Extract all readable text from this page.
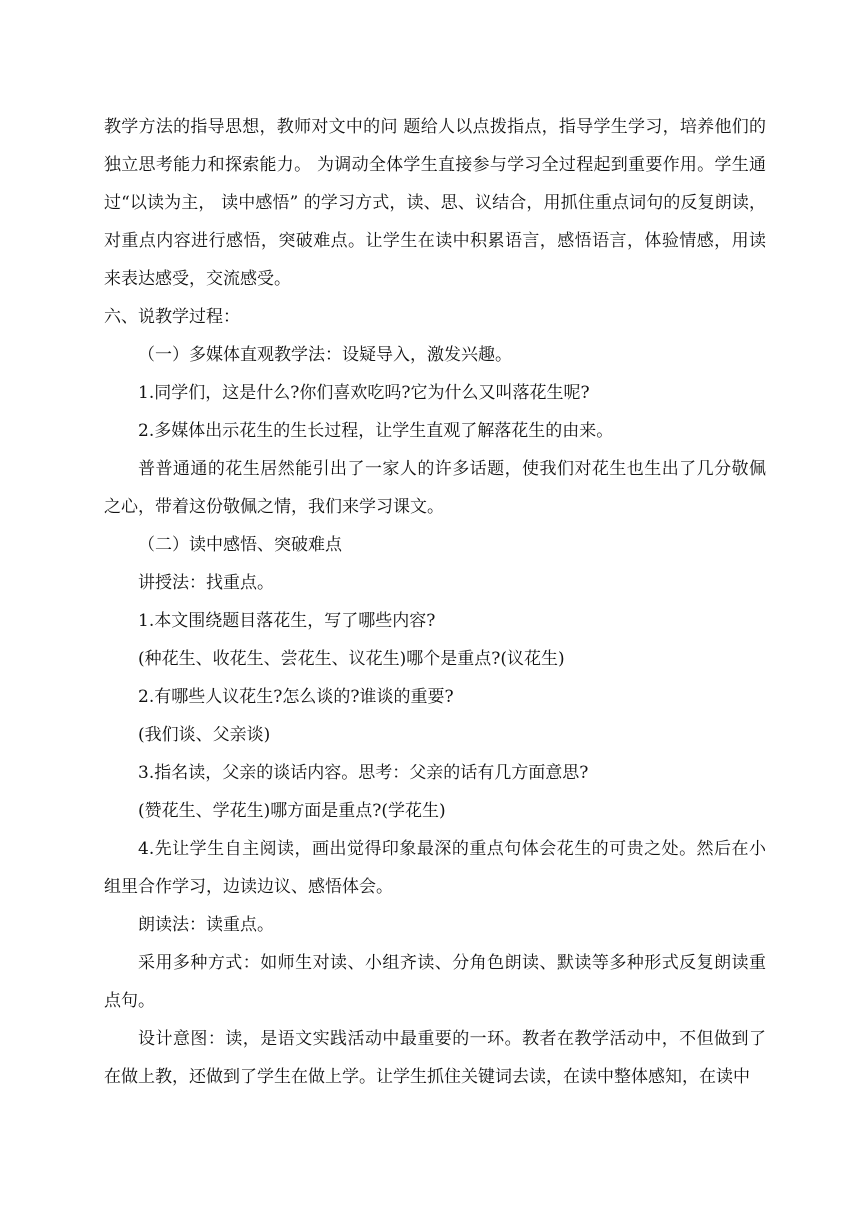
教学方法的指导思想，教师对文中的问 题给人以点拨指点，指导学生学习，培养他们的独立思考能力和探索能力。 为调动全体学生直接参与学习全过程起到重要作用。学生通过“以读为主， 读中感悟” 的学习方式，读、思、议结合，用抓住重点词句的反复朗读，对重点内容进行感悟，突破难点。让学生在读中积累语言，感悟语言，体验情感，用读来表达感受，交流感受。

六、说教学过程：

（一）多媒体直观教学法：设疑导入，激发兴趣。

1.同学们，这是什么?你们喜欢吃吗?它为什么又叫落花生呢?

2.多媒体出示花生的生长过程，让学生直观了解落花生的由来。

普普通通的花生居然能引出了一家人的许多话题，使我们对花生也生出了几分敬佩之心，带着这份敬佩之情，我们来学习课文。

（二）读中感悟、突破难点

讲授法：找重点。

1.本文围绕题目落花生，写了哪些内容?

(种花生、收花生、尝花生、议花生)哪个是重点?(议花生)

2.有哪些人议花生?怎么谈的?谁谈的重要?

(我们谈、父亲谈)

3.指名读，父亲的谈话内容。思考：父亲的话有几方面意思?

(赞花生、学花生)哪方面是重点?(学花生)

4.先让学生自主阅读，画出觉得印象最深的重点句体会花生的可贵之处。然后在小组里合作学习，边读边议、感悟体会。

朗读法：读重点。

采用多种方式：如师生对读、小组齐读、分角色朗读、默读等多种形式反复朗读重点句。

设计意图：读，是语文实践活动中最重要的一环。教者在教学活动中，不但做到了在做上教，还做到了学生在做上学。让学生抓住关键词去读，在读中整体感知，在读中
